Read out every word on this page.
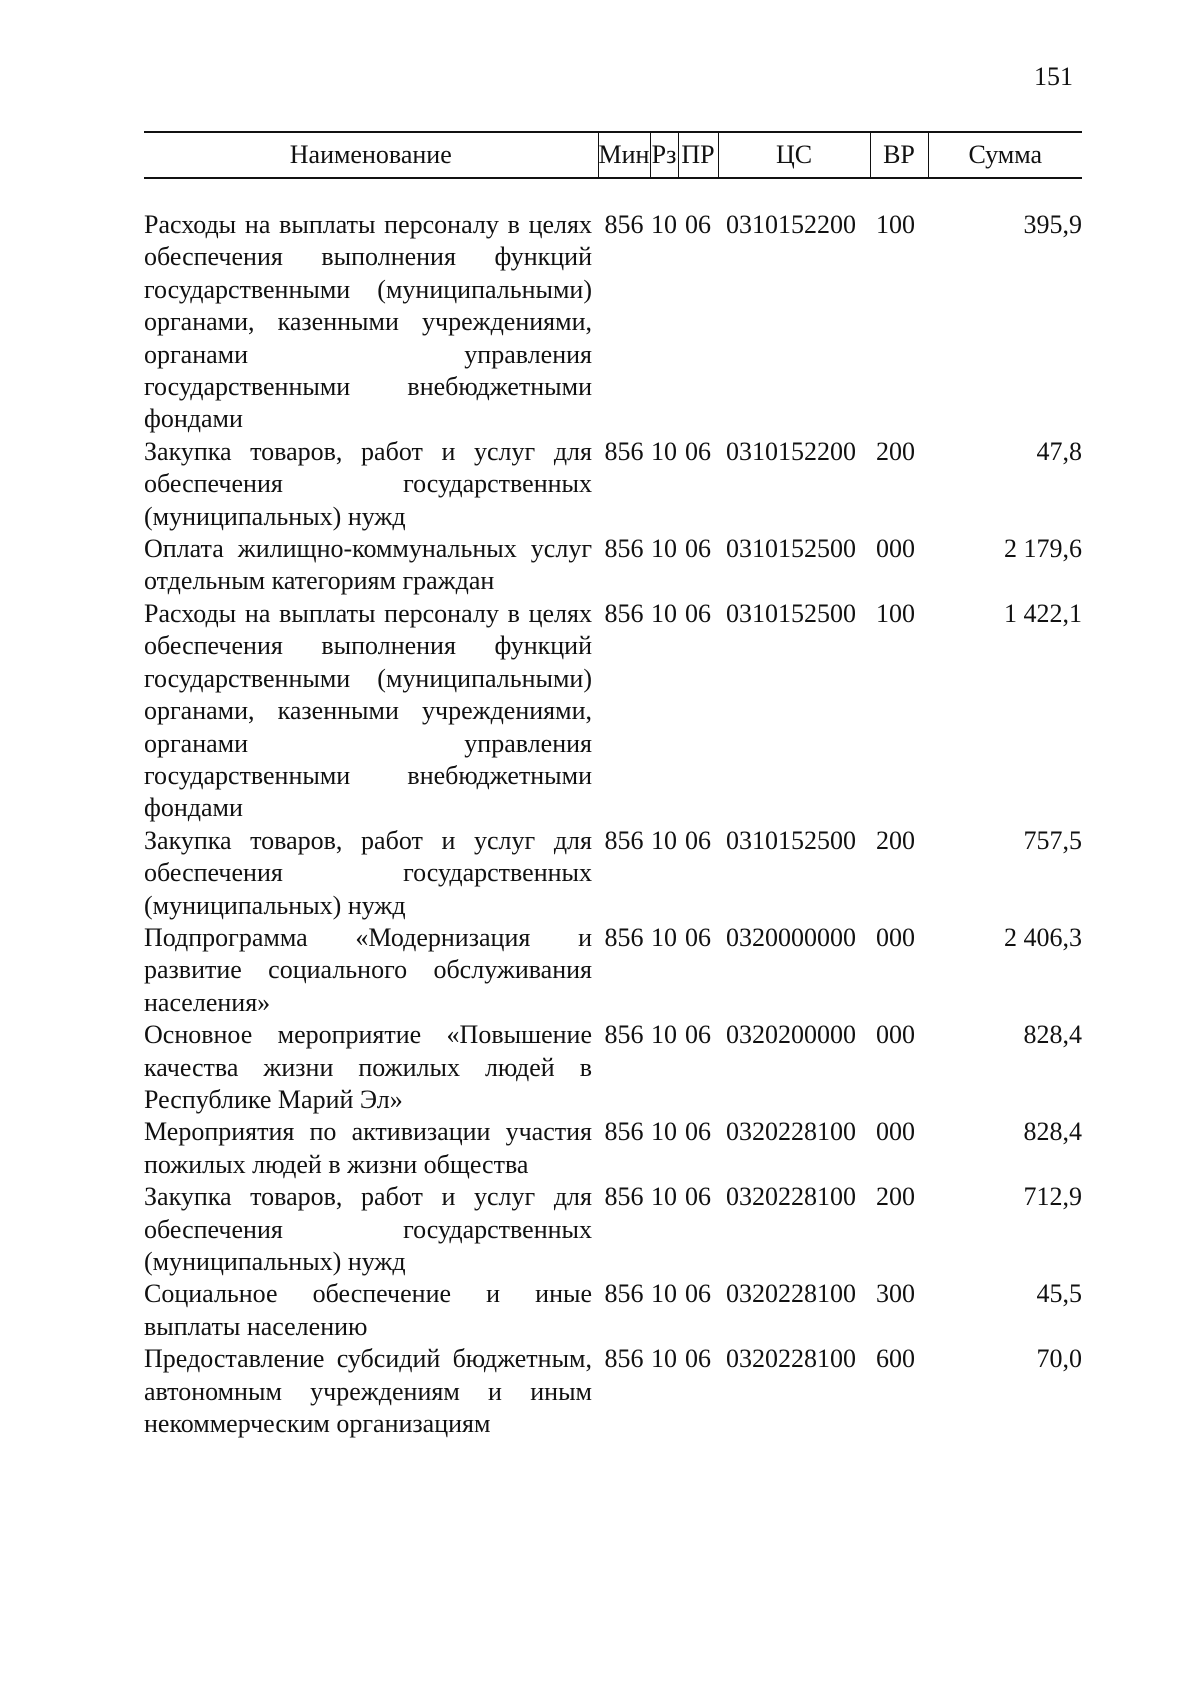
151
Наименование	Мин	Рз	ПР	ЦС	ВР	Сумма

Расходы на выплаты персоналу в целях обеспечения выполнения функций государственными (муниципальными) органами, казенными учреждениями, органами управления государственными внебюджетными фондами	856	10	06	0310152200	100	395,9
Закупка товаров, работ и услуг для обеспечения государственных (муниципальных) нужд	856	10	06	0310152200	200	47,8
Оплата жилищно-коммунальных услуг отдельным категориям граждан	856	10	06	0310152500	000	2 179,6
Расходы на выплаты персоналу в целях обеспечения выполнения функций государственными (муниципальными) органами, казенными учреждениями, органами управления государственными внебюджетными фондами	856	10	06	0310152500	100	1 422,1
Закупка товаров, работ и услуг для обеспечения государственных (муниципальных) нужд	856	10	06	0310152500	200	757,5
Подпрограмма «Модернизация и развитие социального обслуживания населения»	856	10	06	0320000000	000	2 406,3
Основное мероприятие «Повышение качества жизни пожилых людей в Республике Марий Эл»	856	10	06	0320200000	000	828,4
Мероприятия по активизации участия пожилых людей в жизни общества	856	10	06	0320228100	000	828,4
Закупка товаров, работ и услуг для обеспечения государственных (муниципальных) нужд	856	10	06	0320228100	200	712,9
Социальное обеспечение и иные выплаты населению	856	10	06	0320228100	300	45,5
Предоставление субсидий бюджетным, автономным учреждениям и иным некоммерческим организациям	856	10	06	0320228100	600	70,0
